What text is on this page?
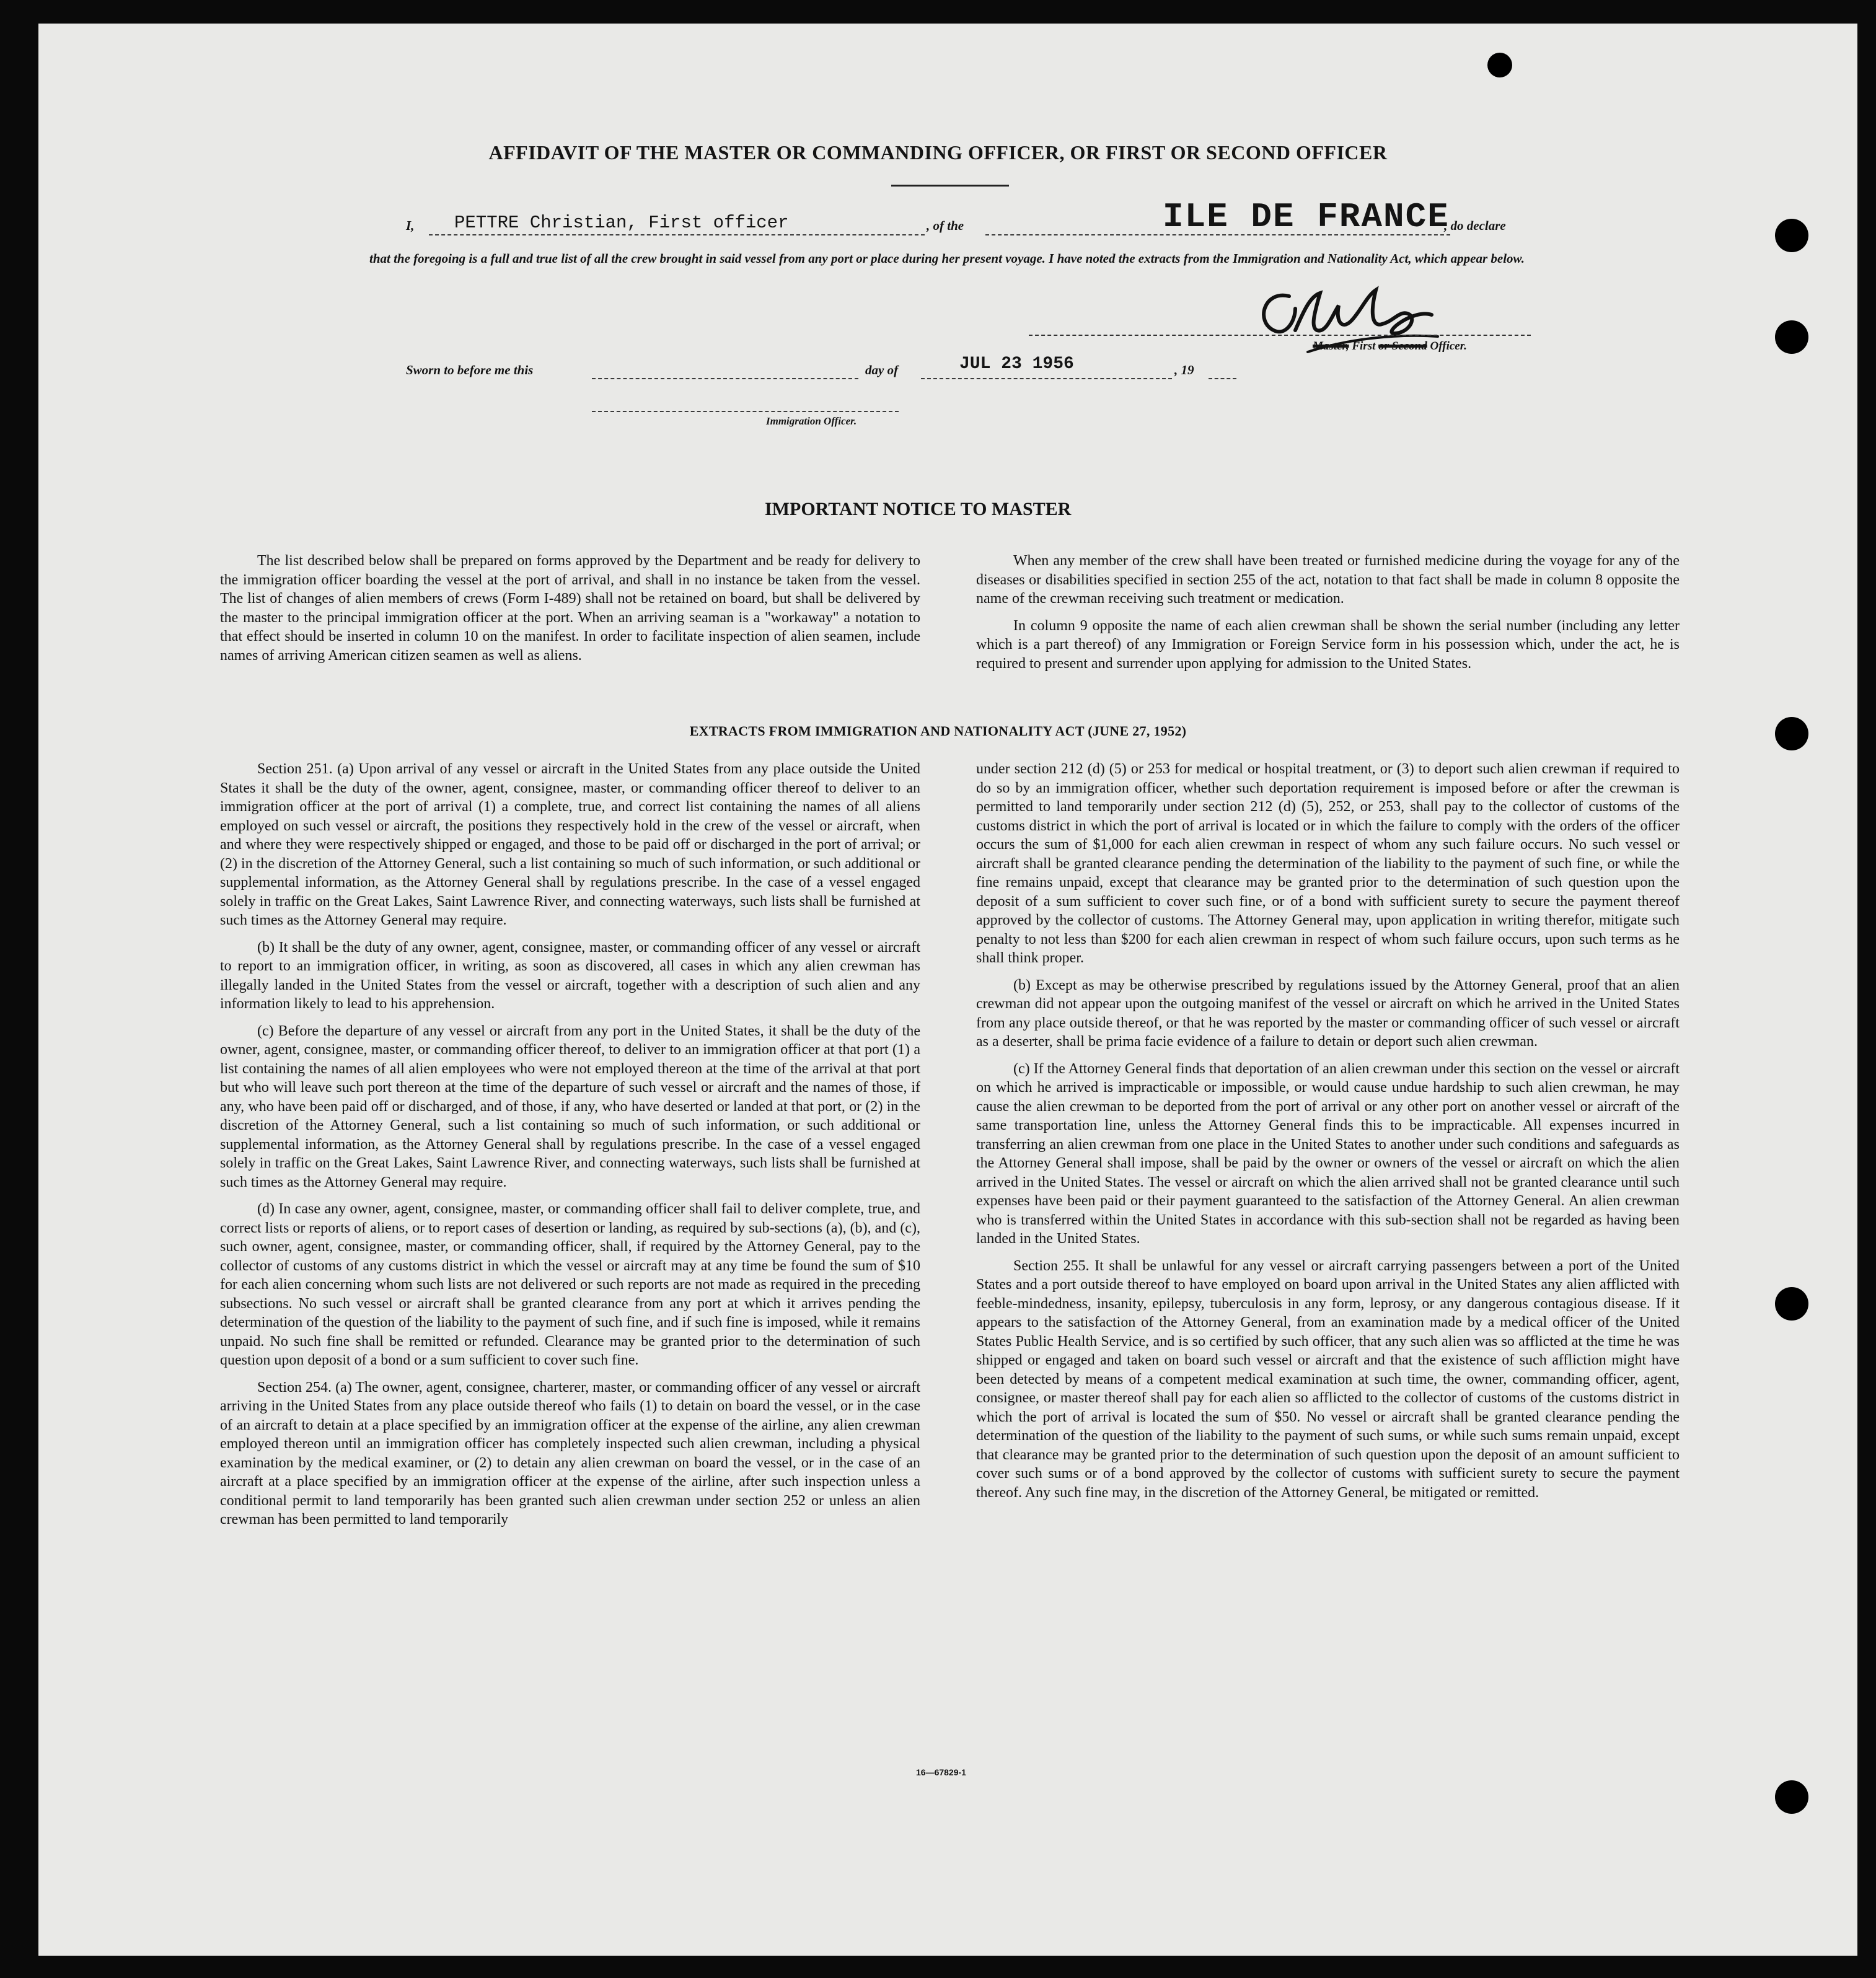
AFFIDAVIT OF THE MASTER OR COMMANDING OFFICER, OR FIRST OR SECOND OFFICER
I, PETTRE Christian, First officer	, of the	ILE DE FRANCE
, do declare
that the foregoing is a full and true list of all the crew brought in said vessel from any port or place during her present voyage. I have noted the extracts from the Immigration and Nationality Act, which appear below.
Master, First or Second Officer.
Sworn to before me this	day of	JUL 23 1956	, 19
Immigration Officer.
IMPORTANT NOTICE TO MASTER

The list described below shall be prepared on forms approved by the Department and be ready for delivery to the immigration officer boarding the vessel at the port of arrival, and shall in no instance be taken from the vessel. The list of changes of alien members of crews (Form I-489) shall not be retained on board, but shall be delivered by the master to the principal immigration officer at the port. When an arriving seaman is a "workaway" a notation to that effect should be inserted in column 10 on the manifest. In order to facilitate inspection of alien seamen, include names of arriving American citizen seamen as well as aliens.

When any member of the crew shall have been treated or furnished medicine during the voyage for any of the diseases or disabilities specified in section 255 of the act, notation to that fact shall be made in column 8 opposite the name of the crewman receiving such treatment or medication.

In column 9 opposite the name of each alien crewman shall be shown the serial number (including any letter which is a part thereof) of any Immigration or Foreign Service form in his possession which, under the act, he is required to present and surrender upon applying for admission to the United States.

EXTRACTS FROM IMMIGRATION AND NATIONALITY ACT (JUNE 27, 1952)

Section 251. (a) Upon arrival of any vessel or aircraft in the United States from any place outside the United States it shall be the duty of the owner, agent, consignee, master, or commanding officer thereof to deliver to an immigration officer at the port of arrival (1) a complete, true, and correct list containing the names of all aliens employed on such vessel or aircraft, the positions they respectively hold in the crew of the vessel or aircraft, when and where they were respectively shipped or engaged, and those to be paid off or discharged in the port of arrival; or (2) in the discretion of the Attorney General, such a list containing so much of such information, or such additional or supplemental information, as the Attorney General shall by regulations prescribe. In the case of a vessel engaged solely in traffic on the Great Lakes, Saint Lawrence River, and connecting waterways, such lists shall be furnished at such times as the Attorney General may require.

(b) It shall be the duty of any owner, agent, consignee, master, or commanding officer of any vessel or aircraft to report to an immigration officer, in writing, as soon as discovered, all cases in which any alien crewman has illegally landed in the United States from the vessel or aircraft, together with a description of such alien and any information likely to lead to his apprehension.

(c) Before the departure of any vessel or aircraft from any port in the United States, it shall be the duty of the owner, agent, consignee, master, or commanding officer thereof, to deliver to an immigration officer at that port (1) a list containing the names of all alien employees who were not employed thereon at the time of the arrival at that port but who will leave such port thereon at the time of the departure of such vessel or aircraft and the names of those, if any, who have been paid off or discharged, and of those, if any, who have deserted or landed at that port, or (2) in the discretion of the Attorney General, such a list containing so much of such information, or such additional or supplemental information, as the Attorney General shall by regulations prescribe. In the case of a vessel engaged solely in traffic on the Great Lakes, Saint Lawrence River, and connecting waterways, such lists shall be furnished at such times as the Attorney General may require.

(d) In case any owner, agent, consignee, master, or commanding officer shall fail to deliver complete, true, and correct lists or reports of aliens, or to report cases of desertion or landing, as required by sub-sections (a), (b), and (c), such owner, agent, consignee, master, or commanding officer, shall, if required by the Attorney General, pay to the collector of customs of any customs district in which the vessel or aircraft may at any time be found the sum of $10 for each alien concerning whom such lists are not delivered or such reports are not made as required in the preceding subsections. No such vessel or aircraft shall be granted clearance from any port at which it arrives pending the determination of the question of the liability to the payment of such fine, and if such fine is imposed, while it remains unpaid. No such fine shall be remitted or refunded. Clearance may be granted prior to the determination of such question upon deposit of a bond or a sum sufficient to cover such fine.

Section 254. (a) The owner, agent, consignee, charterer, master, or commanding officer of any vessel or aircraft arriving in the United States from any place outside thereof who fails (1) to detain on board the vessel, or in the case of an aircraft to detain at a place specified by an immigration officer at the expense of the airline, any alien crewman employed thereon until an immigration officer has completely inspected such alien crewman, including a physical examination by the medical examiner, or (2) to detain any alien crewman on board the vessel, or in the case of an aircraft at a place specified by an immigration officer at the expense of the airline, after such inspection unless a conditional permit to land temporarily has been granted such alien crewman under section 252 or unless an alien crewman has been permitted to land temporarily

under section 212 (d) (5) or 253 for medical or hospital treatment, or (3) to deport such alien crewman if required to do so by an immigration officer, whether such deportation requirement is imposed before or after the crewman is permitted to land temporarily under section 212 (d) (5), 252, or 253, shall pay to the collector of customs of the customs district in which the port of arrival is located or in which the failure to comply with the orders of the officer occurs the sum of $1,000 for each alien crewman in respect of whom any such failure occurs. No such vessel or aircraft shall be granted clearance pending the determination of the liability to the payment of such fine, or while the fine remains unpaid, except that clearance may be granted prior to the determination of such question upon the deposit of a sum sufficient to cover such fine, or of a bond with sufficient surety to secure the payment thereof approved by the collector of customs. The Attorney General may, upon application in writing therefor, mitigate such penalty to not less than $200 for each alien crewman in respect of whom such failure occurs, upon such terms as he shall think proper.

(b) Except as may be otherwise prescribed by regulations issued by the Attorney General, proof that an alien crewman did not appear upon the outgoing manifest of the vessel or aircraft on which he arrived in the United States from any place outside thereof, or that he was reported by the master or commanding officer of such vessel or aircraft as a deserter, shall be prima facie evidence of a failure to detain or deport such alien crewman.

(c) If the Attorney General finds that deportation of an alien crewman under this section on the vessel or aircraft on which he arrived is impracticable or impossible, or would cause undue hardship to such alien crewman, he may cause the alien crewman to be deported from the port of arrival or any other port on another vessel or aircraft of the same transportation line, unless the Attorney General finds this to be impracticable. All expenses incurred in transferring an alien crewman from one place in the United States to another under such conditions and safeguards as the Attorney General shall impose, shall be paid by the owner or owners of the vessel or aircraft on which the alien arrived in the United States. The vessel or aircraft on which the alien arrived shall not be granted clearance until such expenses have been paid or their payment guaranteed to the satisfaction of the Attorney General. An alien crewman who is transferred within the United States in accordance with this sub-section shall not be regarded as having been landed in the United States.

Section 255. It shall be unlawful for any vessel or aircraft carrying passengers between a port of the United States and a port outside thereof to have employed on board upon arrival in the United States any alien afflicted with feeble-mindedness, insanity, epilepsy, tuberculosis in any form, leprosy, or any dangerous contagious disease. If it appears to the satisfaction of the Attorney General, from an examination made by a medical officer of the United States Public Health Service, and is so certified by such officer, that any such alien was so afflicted at the time he was shipped or engaged and taken on board such vessel or aircraft and that the existence of such affliction might have been detected by means of a competent medical examination at such time, the owner, commanding officer, agent, consignee, or master thereof shall pay for each alien so afflicted to the collector of customs of the customs district in which the port of arrival is located the sum of $50. No vessel or aircraft shall be granted clearance pending the determination of the question of the liability to the payment of such sums, or while such sums remain unpaid, except that clearance may be granted prior to the determination of such question upon the deposit of an amount sufficient to cover such sums or of a bond approved by the collector of customs with sufficient surety to secure the payment thereof. Any such fine may, in the discretion of the Attorney General, be mitigated or remitted.

16—67829-1
